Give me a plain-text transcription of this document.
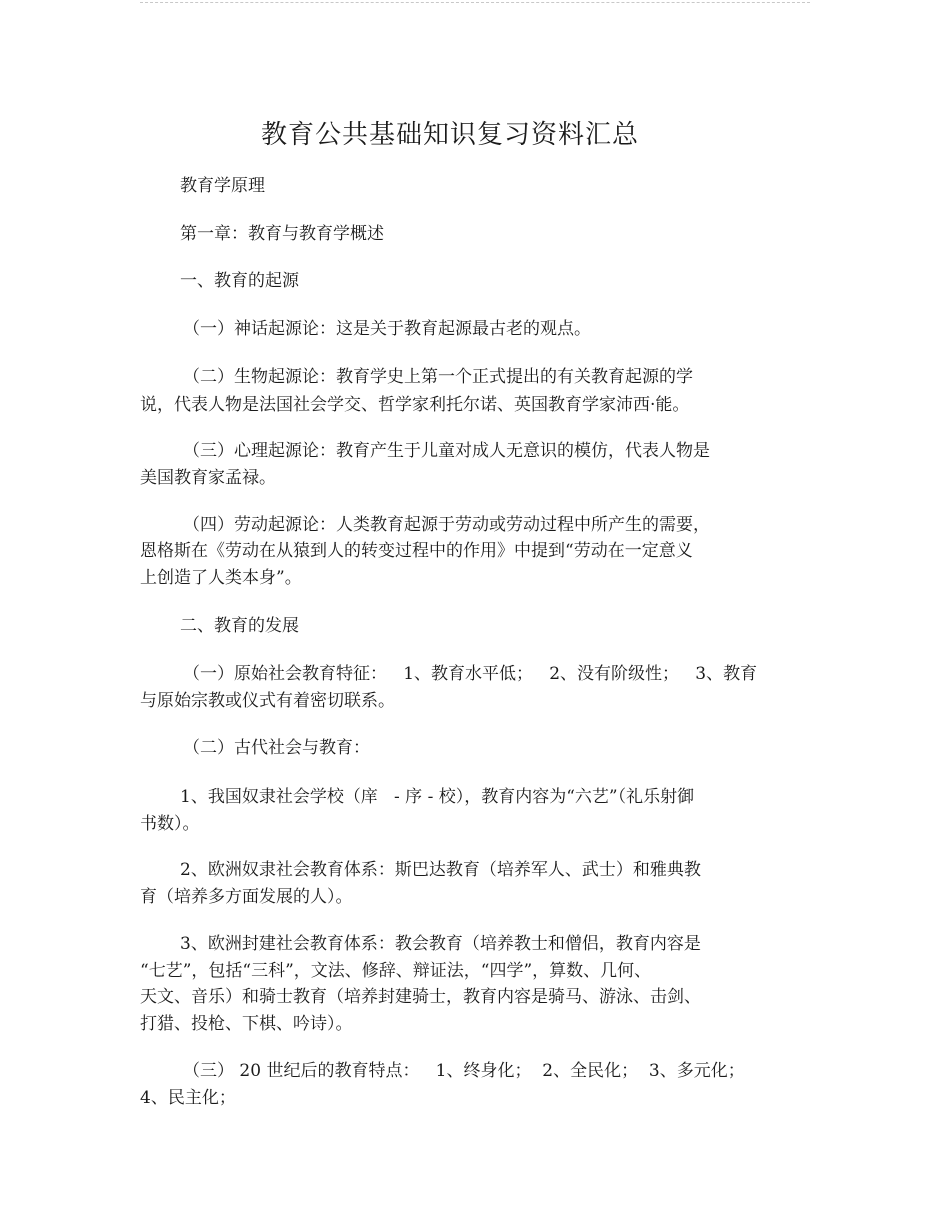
教育公共基础知识复习资料汇总
教育学原理
第一章：教育与教育学概述
一、教育的起源
（一）神话起源论：这是关于教育起源最古老的观点。
（二）生物起源论：教育学史上第一个正式提出的有关教育起源的学
说，代表人物是法国社会学交、哲学家利托尔诺、英国教育学家沛西·能。
（三）心理起源论：教育产生于儿童对成人无意识的模仿，代表人物是
美国教育家孟禄。
（四）劳动起源论：人类教育起源于劳动或劳动过程中所产生的需要，
恩格斯在《劳动在从猿到人的转变过程中的作用》中提到“劳动在一定意义
上创造了人类本身”。
二、教育的发展
（一）原始社会教育特征：   1、教育水平低；   2、没有阶级性；   3、教育
与原始宗教或仪式有着密切联系。
（二）古代社会与教育：
1、我国奴隶社会学校（庠   - 序 - 校），教育内容为“六艺”（礼乐射御
书数）。
2、欧洲奴隶社会教育体系：斯巴达教育（培养军人、武士）和雅典教
育（培养多方面发展的人）。
3、欧洲封建社会教育体系：教会教育（培养教士和僧侣，教育内容是
“七艺”，包括“三科”，文法、修辞、辩证法，“四学”，算数、几何、
天文、音乐）和骑士教育（培养封建骑士，教育内容是骑马、游泳、击剑、
打猎、投枪、下棋、吟诗）。
（三） 20 世纪后的教育特点：   1、终身化；  2、全民化；  3、多元化；
4、民主化；
